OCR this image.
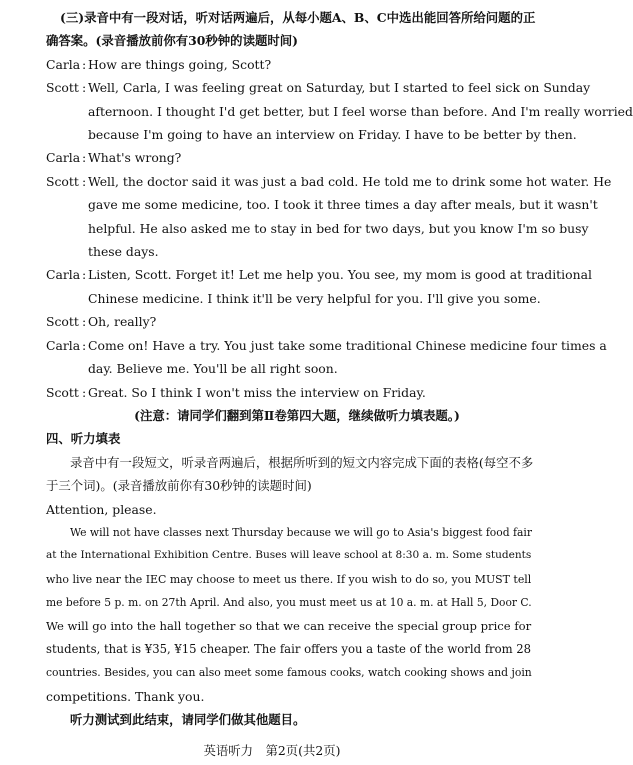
(三)录音中有一段对话，听对话两遍后，从每小题A、B、C中选出能回答所给问题的正
确答案。(录音播放前你有30秒钟的读题时间)
Carla : How are things going, Scott?
Scott : Well, Carla, I was feeling great on Saturday, but I started to feel sick on Sunday
afternoon. I thought I'd get better, but I feel worse than before. And I'm really worried
because I'm going to have an interview on Friday. I have to be better by then.
Carla : What's wrong?
Scott : Well, the doctor said it was just a bad cold. He told me to drink some hot water. He
gave me some medicine, too. I took it three times a day after meals, but it wasn't
helpful. He also asked me to stay in bed for two days, but you know I'm so busy
these days.
Carla : Listen, Scott. Forget it! Let me help you. You see, my mom is good at traditional
Chinese medicine. I think it'll be very helpful for you. I'll give you some.
Scott : Oh, really?
Carla : Come on! Have a try. You just take some traditional Chinese medicine four times a
day. Believe me. You'll be all right soon.
Scott : Great. So I think I won't miss the interview on Friday.
(注意：请同学们翻到第Ⅱ卷第四大题，继续做听力填表题。)
四、听力填表
录音中有一段短文，听录音两遍后，根据所听到的短文内容完成下面的表格(每空不多
于三个词)。(录音播放前你有30秒钟的读题时间)
Attention, please.
We will not have classes next Thursday because we will go to Asia's biggest food fair
at the International Exhibition Centre. Buses will leave school at 8:30 a. m. Some students
who live near the IEC may choose to meet us there. If you wish to do so, you MUST tell
me before 5 p. m. on 27th April. And also, you must meet us at 10 a. m. at Hall 5, Door C.
We will go into the hall together so that we can receive the special group price for
students, that is ¥35, ¥15 cheaper. The fair offers you a taste of the world from 28
countries. Besides, you can also meet some famous cooks, watch cooking shows and join
competitions. Thank you.
听力测试到此结束，请同学们做其他题目。
英语听力　第2页(共2页)
